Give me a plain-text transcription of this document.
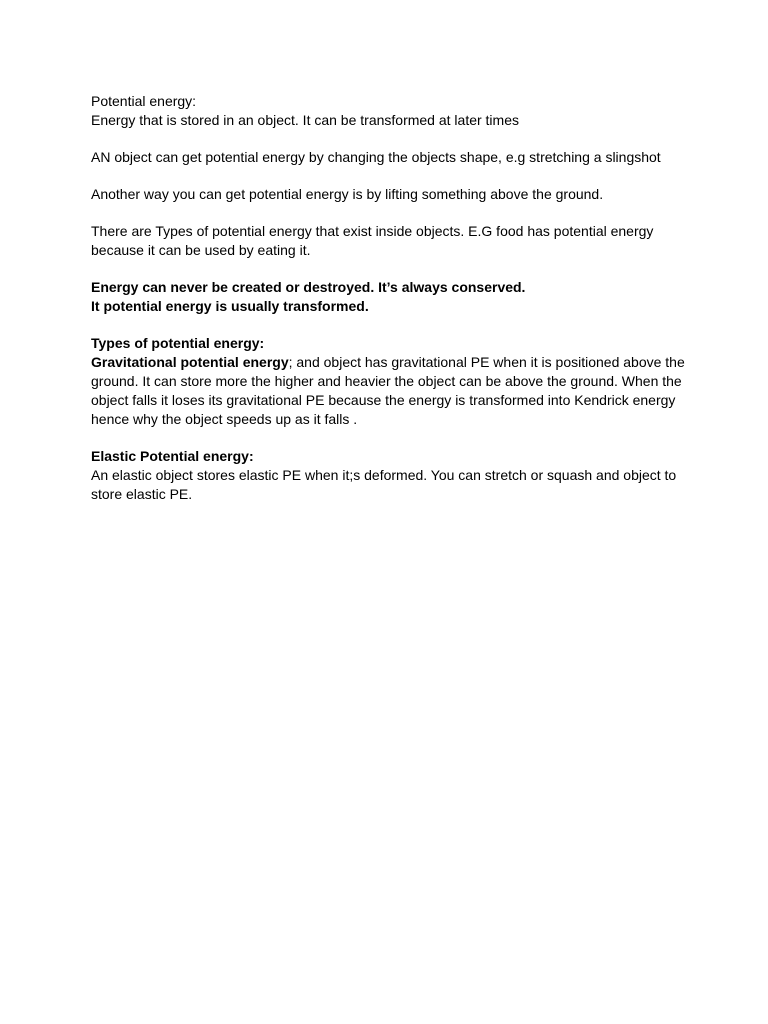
Potential energy:
Energy that is stored in an object. It can be transformed at later times
AN object can get potential energy by changing the objects shape, e.g stretching a slingshot
Another way you can get potential energy is by lifting something above the ground.
There are Types of potential energy that exist inside objects. E.G food has potential energy
because it can be used by eating it.
Energy can never be created or destroyed. It’s always conserved.
It potential energy is usually transformed.
Types of potential energy:
Gravitational potential energy; and object has gravitational PE when it is positioned above the
ground. It can store more the higher and heavier the object can be above the ground. When the
object falls it loses its gravitational PE because the energy is transformed into Kendrick energy
hence why the object speeds up as it falls .
Elastic Potential energy:
An elastic object stores elastic PE when it;s deformed. You can stretch or squash and object to
store elastic PE.
